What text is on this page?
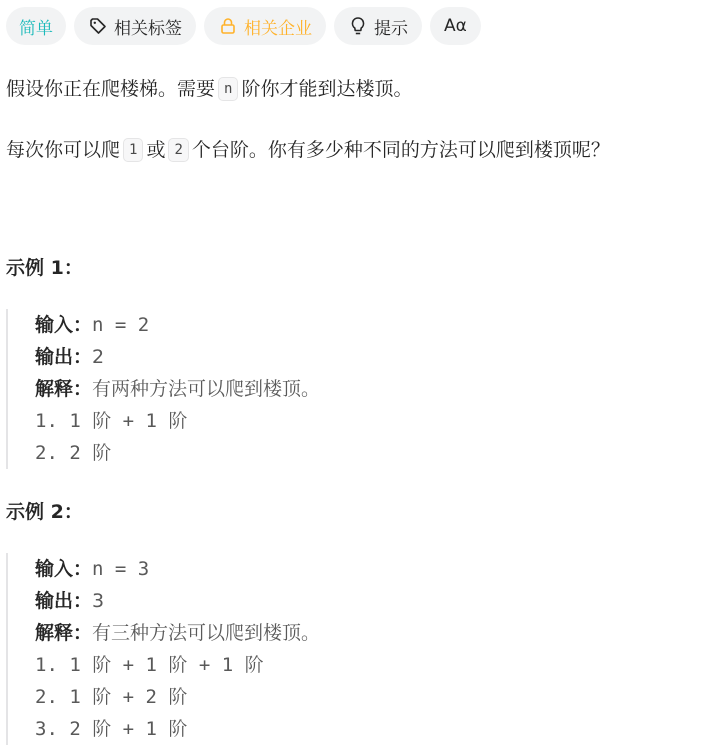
简单	相关标签	相关企业	提示 Aα
假设你正在爬楼梯。需要 n 阶你才能到达楼顶。
每次你可以爬 1 或 2 个台阶。你有多少种不同的方法可以爬到楼顶呢？
示例 1：
输入：n = 2
输出：2
解释：有两种方法可以爬到楼顶。
1. 1 阶 + 1 阶
2. 2 阶
示例 2：
输入：n = 3
输出：3
解释：有三种方法可以爬到楼顶。
1. 1 阶 + 1 阶 + 1 阶
2. 1 阶 + 2 阶
3. 2 阶 + 1 阶
